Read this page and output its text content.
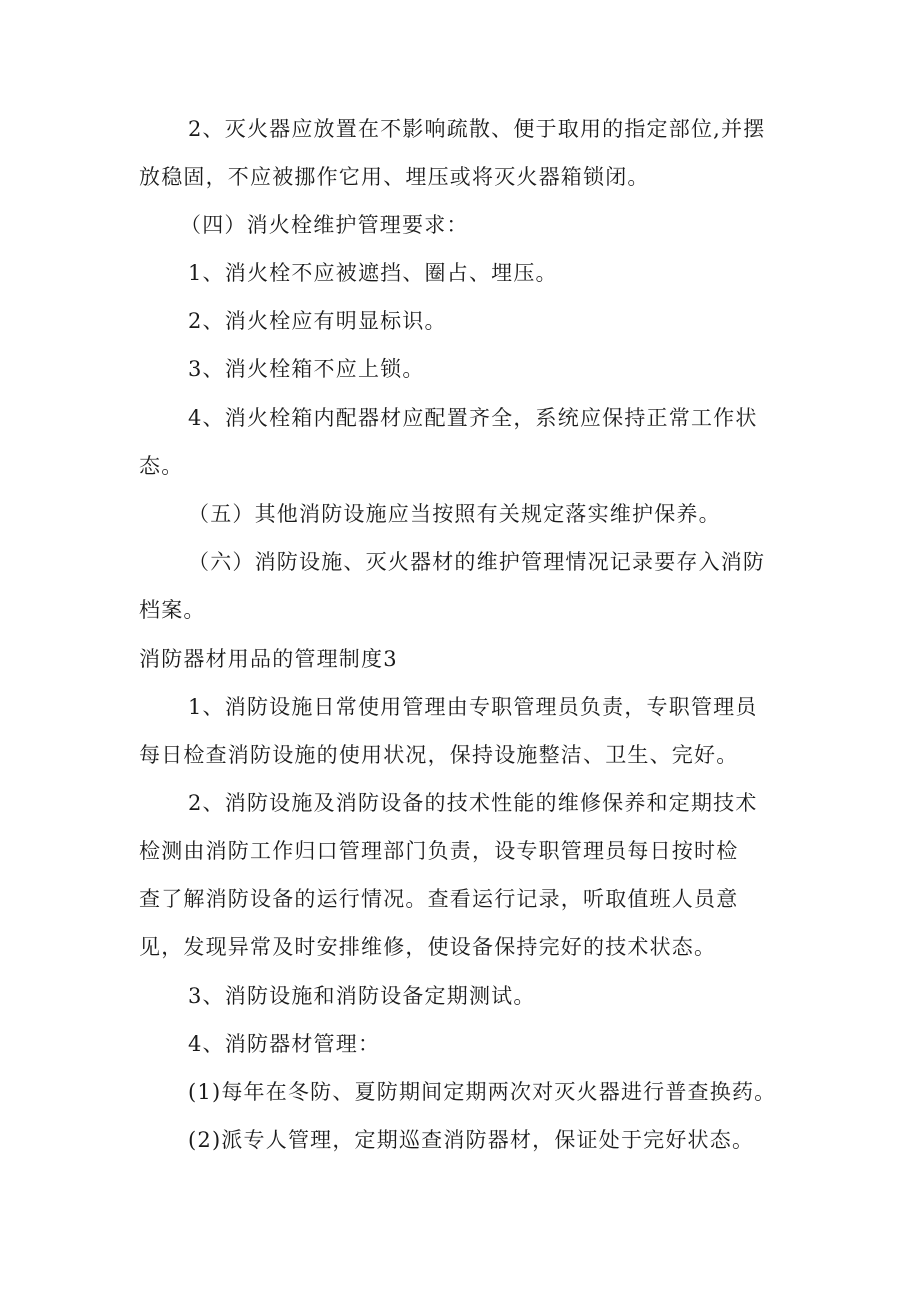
2、灭火器应放置在不影响疏散、便于取用的指定部位,并摆

放稳固，不应被挪作它用、埋压或将灭火器箱锁闭。

（四）消火栓维护管理要求：

1、消火栓不应被遮挡、圈占、埋压。

2、消火栓应有明显标识。

3、消火栓箱不应上锁。

4、消火栓箱内配器材应配置齐全，系统应保持正常工作状

态。

（五）其他消防设施应当按照有关规定落实维护保养。

（六）消防设施、灭火器材的维护管理情况记录要存入消防

档案。

消防器材用品的管理制度3

1、消防设施日常使用管理由专职管理员负责，专职管理员

每日检查消防设施的使用状况，保持设施整洁、卫生、完好。

2、消防设施及消防设备的技术性能的维修保养和定期技术

检测由消防工作归口管理部门负责，设专职管理员每日按时检

查了解消防设备的运行情况。查看运行记录，听取值班人员意

见，发现异常及时安排维修，使设备保持完好的技术状态。

3、消防设施和消防设备定期测试。

4、消防器材管理：

(1)每年在冬防、夏防期间定期两次对灭火器进行普查换药。

(2)派专人管理，定期巡查消防器材，保证处于完好状态。
